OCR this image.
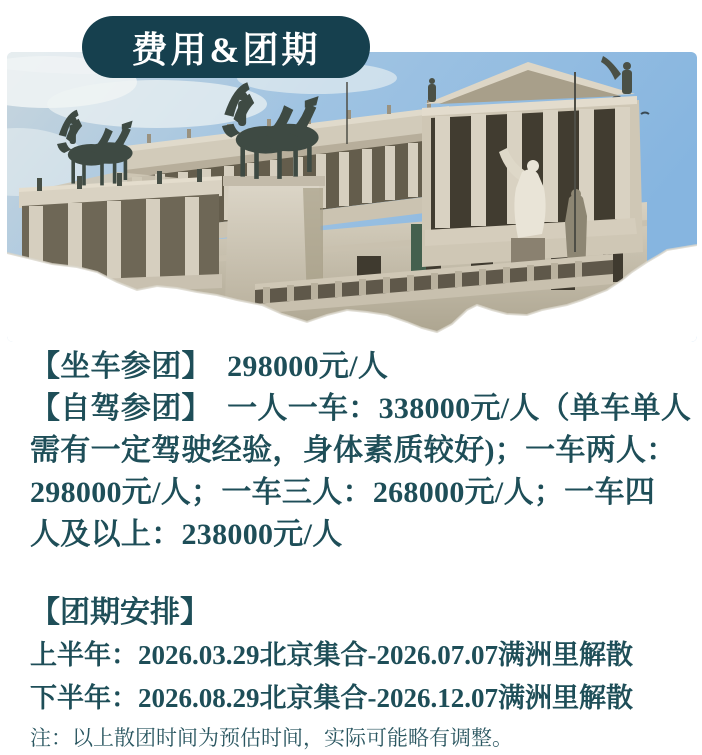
费用&团期
【坐车参团】　298000元/人
【自驾参团】　一人一车：338000元/人（单车单人
需有一定驾驶经验，身体素质较好)；一车两人：
298000元/人；一车三人：268000元/人；一车四
人及以上：238000元/人
【团期安排】
上半年：2026.03.29北京集合-2026.07.07满洲里解散
下半年：2026.08.29北京集合-2026.12.07满洲里解散
注：以上散团时间为预估时间，实际可能略有调整。
